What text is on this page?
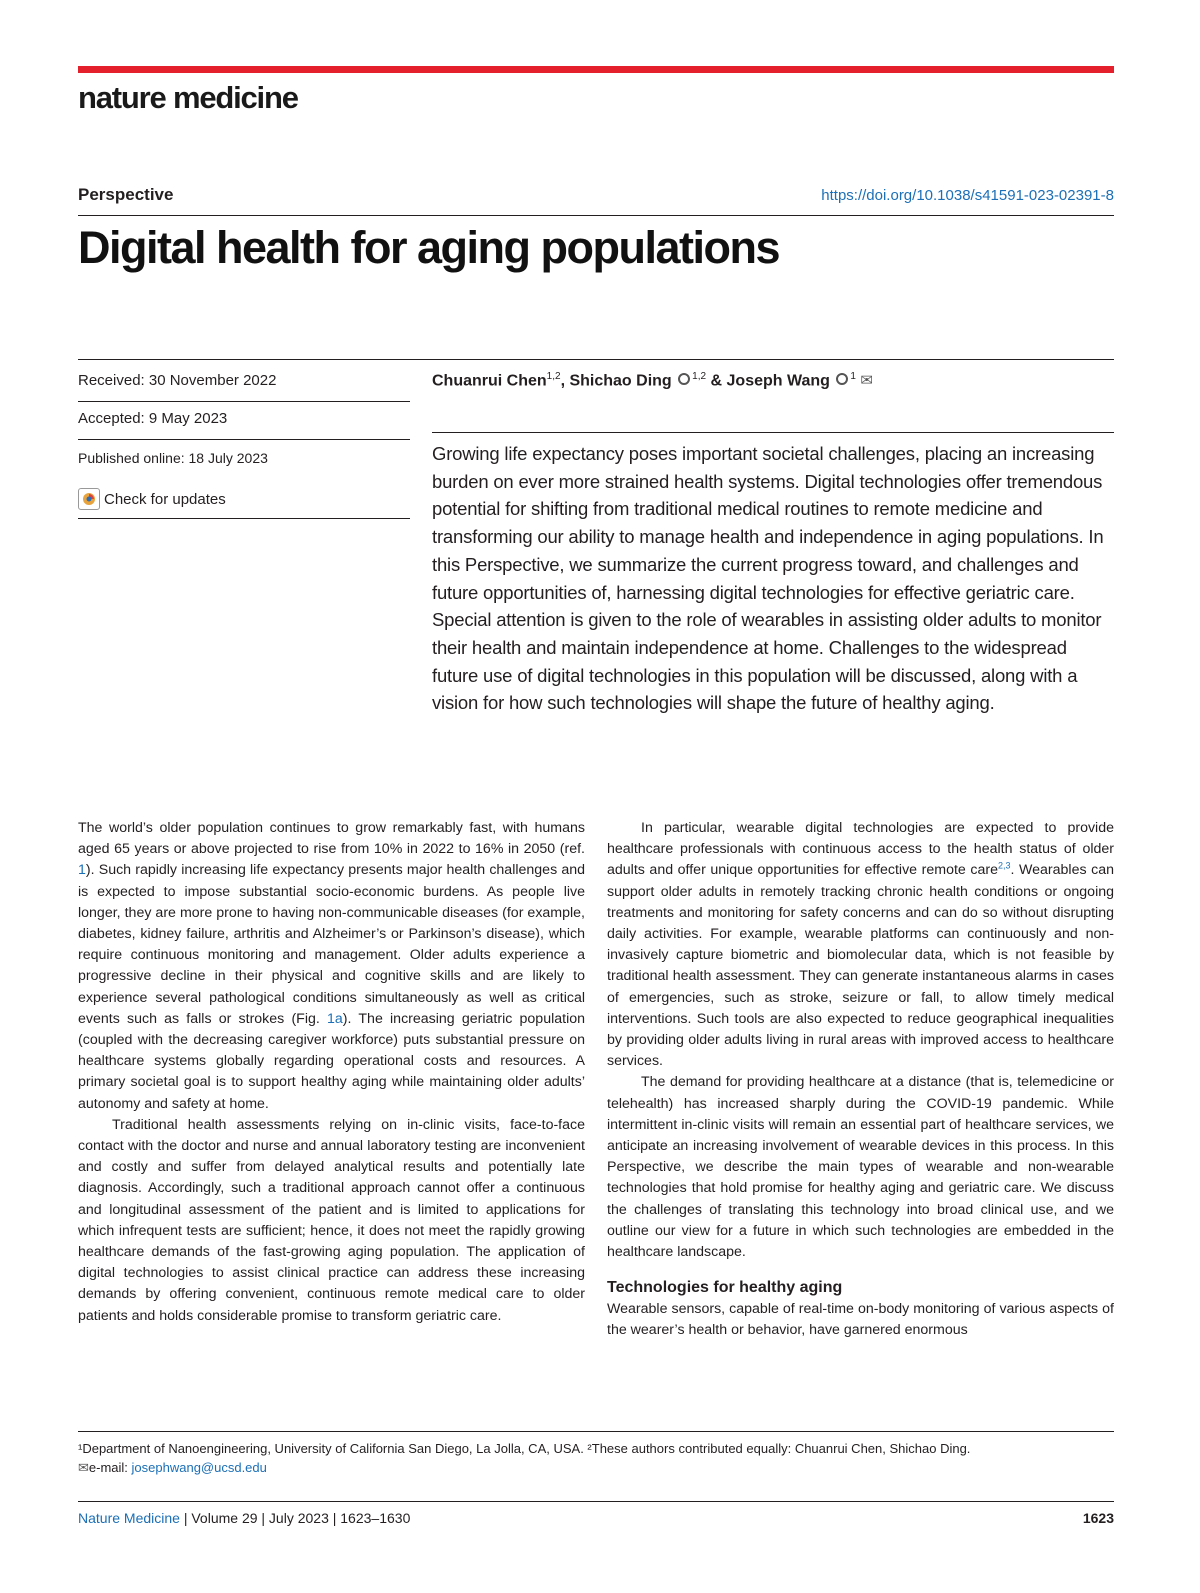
nature medicine
Perspective	https://doi.org/10.1038/s41591-023-02391-8
Digital health for aging populations
Received: 30 November 2022
Accepted: 9 May 2023
Published online: 18 July 2023
Check for updates
Chuanrui Chen$^{1,2}$, Shichao Ding $^{1,2}$ & Joseph Wang $^1$ ✉
Growing life expectancy poses important societal challenges, placing an increasing burden on ever more strained health systems. Digital technologies offer tremendous potential for shifting from traditional medical routines to remote medicine and transforming our ability to manage health and independence in aging populations. In this Perspective, we summarize the current progress toward, and challenges and future opportunities of, harnessing digital technologies for effective geriatric care. Special attention is given to the role of wearables in assisting older adults to monitor their health and maintain independence at home. Challenges to the widespread future use of digital technologies in this population will be discussed, along with a vision for how such technologies will shape the future of healthy aging.

The world’s older population continues to grow remarkably fast, with humans aged 65 years or above projected to rise from 10% in 2022 to 16% in 2050 (ref. 1). Such rapidly increasing life expectancy presents major health challenges and is expected to impose substantial socio-economic burdens. As people live longer, they are more prone to having non-communicable diseases (for example, diabetes, kidney failure, arthritis and Alzheimer’s or Parkinson’s disease), which require continuous monitoring and management. Older adults experience a progressive decline in their physical and cognitive skills and are likely to experience several pathological conditions simultaneously as well as critical events such as falls or strokes (Fig. 1a). The increasing geriatric population (coupled with the decreasing caregiver workforce) puts substantial pressure on healthcare systems globally regarding operational costs and resources. A primary societal goal is to support healthy aging while maintaining older adults’ autonomy and safety at home.

Traditional health assessments relying on in-clinic visits, face-to-face contact with the doctor and nurse and annual laboratory testing are inconvenient and costly and suffer from delayed analytical results and potentially late diagnosis. Accordingly, such a traditional approach cannot offer a continuous and longitudinal assessment of the patient and is limited to applications for which infrequent tests are sufficient; hence, it does not meet the rapidly growing healthcare demands of the fast-growing aging population. The application of digital technologies to assist clinical practice can address these increasing demands by offering convenient, continuous remote medical care to older patients and holds considerable promise to transform geriatric care.

In particular, wearable digital technologies are expected to provide healthcare professionals with continuous access to the health status of older adults and offer unique opportunities for effective remote care$^{2,3}$. Wearables can support older adults in remotely tracking chronic health conditions or ongoing treatments and monitoring for safety concerns and can do so without disrupting daily activities. For example, wearable platforms can continuously and non-invasively capture biometric and biomolecular data, which is not feasible by traditional health assessment. They can generate instantaneous alarms in cases of emergencies, such as stroke, seizure or fall, to allow timely medical interventions. Such tools are also expected to reduce geographical inequalities by providing older adults living in rural areas with improved access to healthcare services.

The demand for providing healthcare at a distance (that is, telemedicine or telehealth) has increased sharply during the COVID-19 pandemic. While intermittent in-clinic visits will remain an essential part of healthcare services, we anticipate an increasing involvement of wearable devices in this process. In this Perspective, we describe the main types of wearable and non-wearable technologies that hold promise for healthy aging and geriatric care. We discuss the challenges of translating this technology into broad clinical use, and we outline our view for a future in which such technologies are embedded in the healthcare landscape.

Technologies for healthy aging

Wearable sensors, capable of real-time on-body monitoring of various aspects of the wearer’s health or behavior, have garnered enormous

¹Department of Nanoengineering, University of California San Diego, La Jolla, CA, USA. ²These authors contributed equally: Chuanrui Chen, Shichao Ding.
✉e-mail: josephwang@ucsd.edu
Nature Medicine | Volume 29 | July 2023 | 1623–1630	1623
